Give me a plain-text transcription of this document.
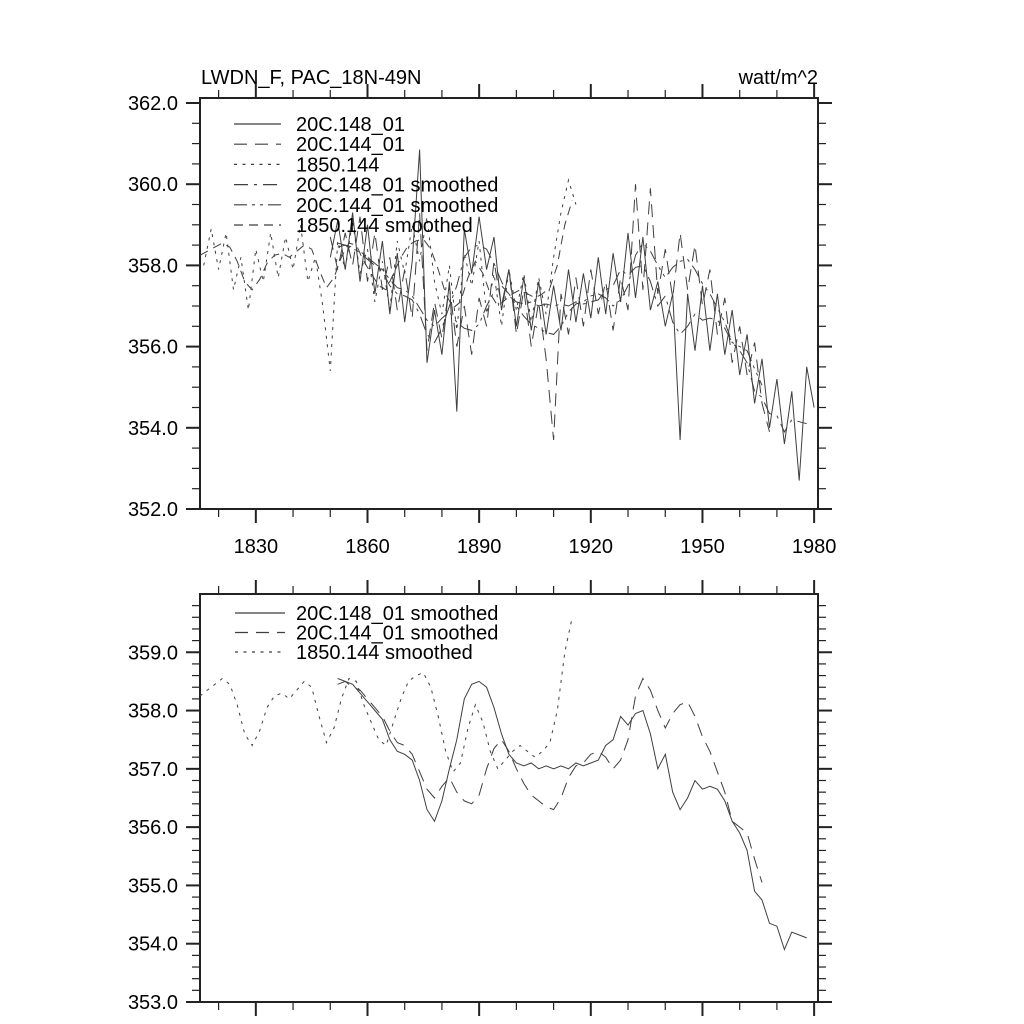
352.0
354.0
356.0
358.0
360.0
362.0
1830	1860	1890	1920	1950	1980
20C.148_01
20C.144_01
1850.144
20C.148_01 smoothed
20C.144_01 smoothed
1850.144 smoothed
353.0
354.0
355.0
356.0
357.0
358.0
359.0
20C.148_01 smoothed
20C.144_01 smoothed
1850.144 smoothed
LWDN_F, PAC_18N-49N	watt/m^2
